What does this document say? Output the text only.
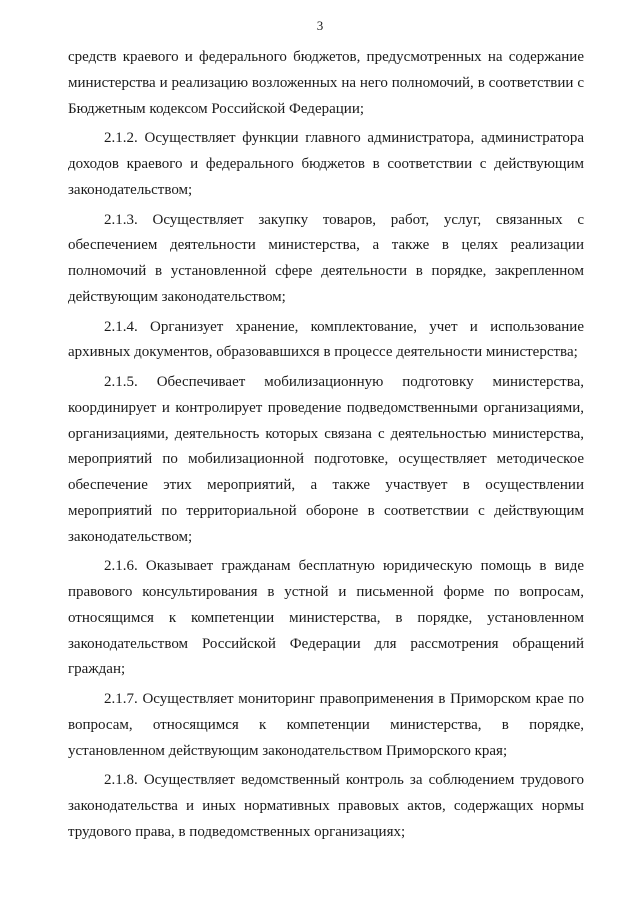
3

средств краевого и федерального бюджетов, предусмотренных на содержание министерства и реализацию возложенных на него полномочий, в соответствии с Бюджетным кодексом Российской Федерации;

2.1.2. Осуществляет функции главного администратора, администратора доходов краевого и федерального бюджетов в соответствии с действующим законодательством;

2.1.3. Осуществляет закупку товаров, работ, услуг, связанных с обеспечением деятельности министерства, а также в целях реализации полномочий в установленной сфере деятельности в порядке, закрепленном действующим законодательством;

2.1.4. Организует хранение, комплектование, учет и использование архивных документов, образовавшихся в процессе деятельности министерства;

2.1.5. Обеспечивает мобилизационную подготовку министерства, координирует и контролирует проведение подведомственными организациями, организациями, деятельность которых связана с деятельностью министерства, мероприятий по мобилизационной подготовке, осуществляет методическое обеспечение этих мероприятий, а также участвует в осуществлении мероприятий по территориальной обороне в соответствии с действующим законодательством;

2.1.6. Оказывает гражданам бесплатную юридическую помощь в виде правового консультирования в устной и письменной форме по вопросам, относящимся к компетенции министерства, в порядке, установленном законодательством Российской Федерации для рассмотрения обращений граждан;

2.1.7. Осуществляет мониторинг правоприменения в Приморском крае по вопросам, относящимся к компетенции министерства, в порядке, установленном действующим законодательством Приморского края;

2.1.8. Осуществляет ведомственный контроль за соблюдением трудового законодательства и иных нормативных правовых актов, содержащих нормы трудового права, в подведомственных организациях;
